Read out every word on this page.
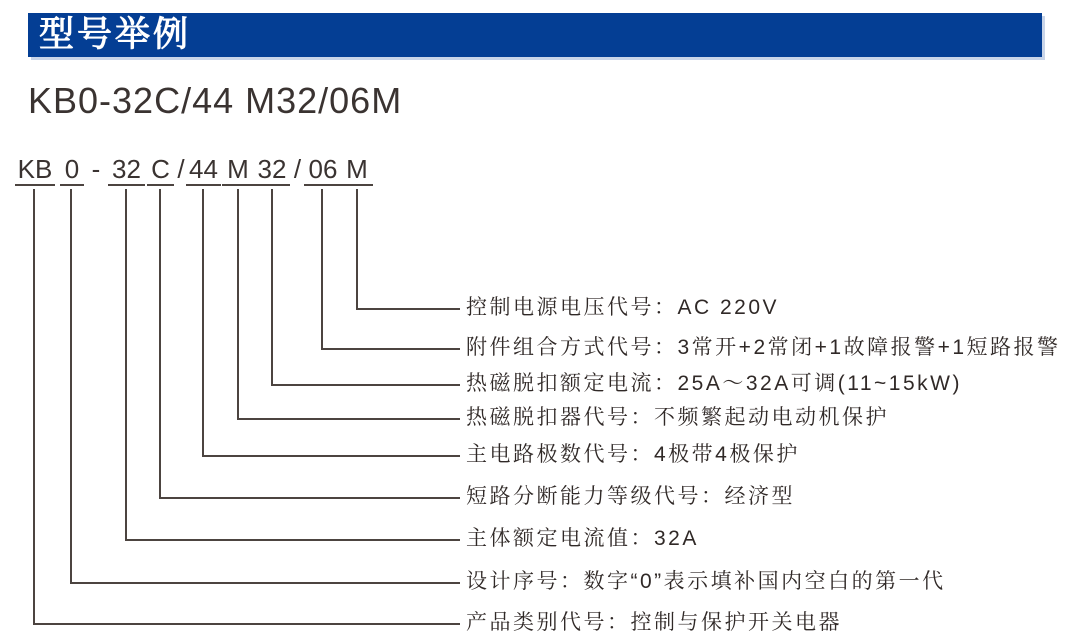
型号举例
KB0-32C/44 M32/06M
KB 0 - 32 C / 44 M 32 / 06 M
控制电源电压代号：AC 220V
附件组合方式代号：3常开+2常闭+1故障报警+1短路报警
热磁脱扣额定电流：25A～32A可调(11~15kW)
热磁脱扣器代号：不频繁起动电动机保护
主电路极数代号：4极带4极保护
短路分断能力等级代号：经济型
主体额定电流值：32A
设计序号：数字“0”表示填补国内空白的第一代
产品类别代号：控制与保护开关电器
